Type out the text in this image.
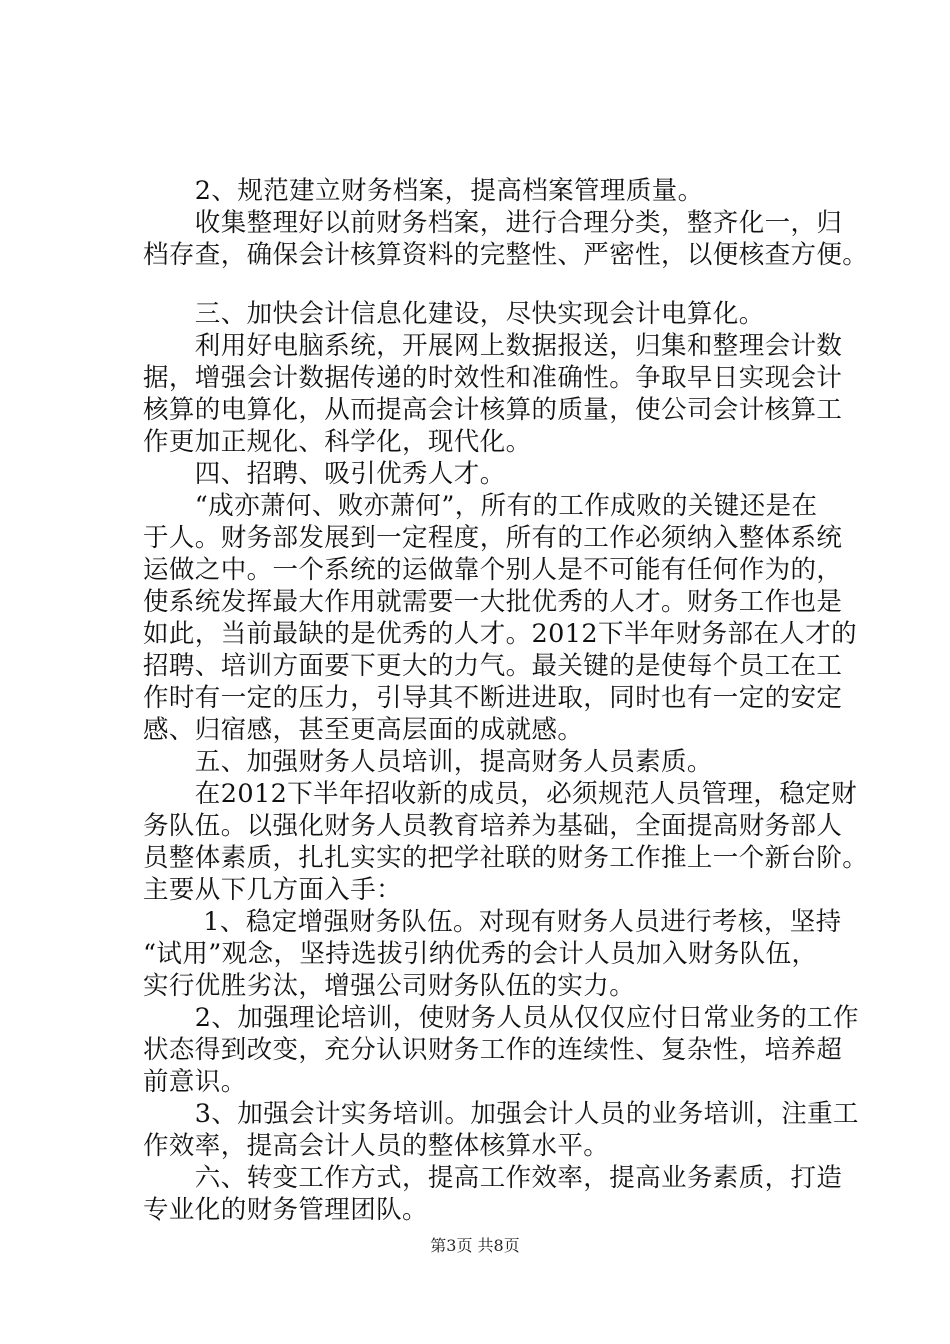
　　2、规范建立财务档案，提高档案管理质量。
　　收集整理好以前财务档案，进行合理分类，整齐化一，归
档存查，确保会计核算资料的完整性、严密性，以便核查方便。
　　三、加快会计信息化建设，尽快实现会计电算化。
　　利用好电脑系统，开展网上数据报送，归集和整理会计数
据，增强会计数据传递的时效性和准确性。争取早日实现会计
核算的电算化，从而提高会计核算的质量，使公司会计核算工
作更加正规化、科学化，现代化。
　　四、招聘、吸引优秀人才。
　　“成亦萧何、败亦萧何”，所有的工作成败的关键还是在
于人。财务部发展到一定程度，所有的工作必须纳入整体系统
运做之中。一个系统的运做靠个别人是不可能有任何作为的，
使系统发挥最大作用就需要一大批优秀的人才。财务工作也是
如此，当前最缺的是优秀的人才。2012下半年财务部在人才的
招聘、培训方面要下更大的力气。最关键的是使每个员工在工
作时有一定的压力，引导其不断进进取，同时也有一定的安定
感、归宿感，甚至更高层面的成就感。
　　五、加强财务人员培训，提高财务人员素质。
　　在2012下半年招收新的成员，必须规范人员管理，稳定财
务队伍。以强化财务人员教育培养为基础，全面提高财务部人
员整体素质，扎扎实实的把学社联的财务工作推上一个新台阶。
主要从下几方面入手：
　　 1、稳定增强财务队伍。对现有财务人员进行考核，坚持
“试用”观念，坚持选拔引纳优秀的会计人员加入财务队伍，
实行优胜劣汰，增强公司财务队伍的实力。
　　2、加强理论培训，使财务人员从仅仅应付日常业务的工作
状态得到改变，充分认识财务工作的连续性、复杂性，培养超
前意识。
　　3、加强会计实务培训。加强会计人员的业务培训，注重工
作效率，提高会计人员的整体核算水平。
　　六、转变工作方式，提高工作效率，提高业务素质，打造
专业化的财务管理团队。
第3页 共8页
